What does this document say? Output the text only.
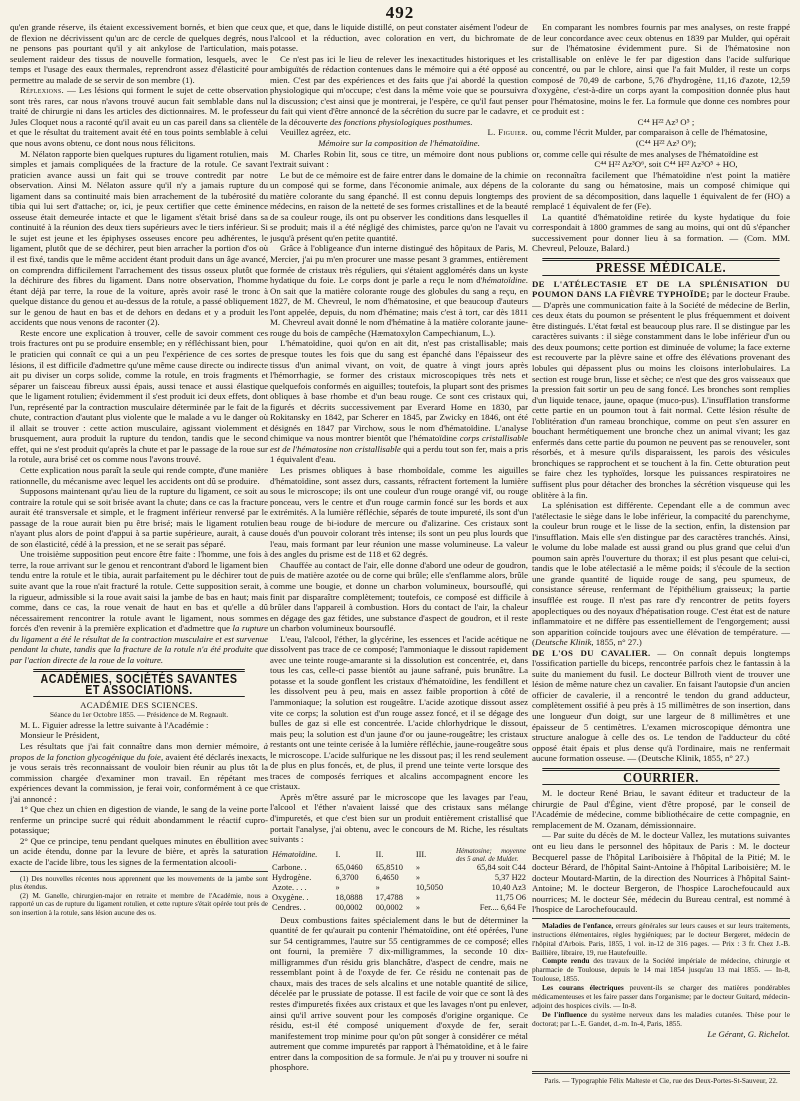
492

qu'en grande réserve, ils étaient excessivement bornés, et bien que ceux de flexion ne décrivissent qu'un arc de cercle de quelques degrés, nous ne pensons pas pourtant qu'il y ait ankylose de l'articulation, mais seulement raideur des tissus de nouvelle formation, lesquels, avec le temps et l'usage des eaux thermales, reprendront assez d'élasticité pour permettre au malade de se servir de son membre (1).

Réflexions. — Les lésions qui forment le sujet de cette observation sont très rares, car nous n'avons trouvé aucun fait semblable dans nul traité de chirurgie ni dans les articles des dictionnaires. M. le professeur Jules Cloquet nous a raconté qu'il avait eu un cas pareil dans sa clientèle et que le résultat du traitement avait été en tous points semblable à celui que nous avons obtenu, ce dont nous nous félicitons.

M. Nélaton rapporte bien quelques ruptures du ligament rotulien, mais simples et jamais compliquées de la fracture de la rotule. Ce savant praticien avance aussi un fait qui se trouve contredit par notre observation. Ainsi M. Nélaton assure qu'il n'y a jamais rupture du ligament dans sa continuité mais bien arrachement de la tubérosité du tibia qui lui sert d'attache; or, ici, je peux certifier que cette éminence osseuse était demeurée intacte et que le ligament s'était brisé dans sa continuité à la réunion des deux tiers supérieurs avec le tiers inférieur. Si le sujet est jeune et les épiphyses osseuses encore peu adhérentes, le ligament, plutôt que de se déchirer, peut bien arracher la portion d'os où il est fixé, tandis que le même accident étant produit dans un âge avancé, on comprendra difficilement l'arrachement des tissus osseux plutôt que la déchirure des fibres du ligament. Dans notre observation, l'homme étant déjà par terre, la roue de la voiture, après avoir rasé le tronc à quelque distance du genou et au-dessus de la rotule, a passé obliquement sur le genou de haut en bas et de dehors en dedans et y a produit les accidents que nous venons de raconter (2).

Reste encore une explication à trouver, celle de savoir comment ces trois fractures ont pu se produire ensemble; en y réfléchissant bien, pour le praticien qui connaît ce qui a un peu l'expérience de ces sortes de lésions, il est difficile d'admettre qu'une même cause directe ou indirecte ait pu diviser un corps solide, comme la rotule, en trois fragments et séparer un faisceau fibreux aussi épais, aussi tenace et aussi élastique que le ligament rotulien; évidemment il s'est produit ici deux effets, dont l'un, représenté par la contraction musculaire déterminée par le fait de la chute, contraction d'autant plus violente que le malade a vu le danger où il allait se trouver : cette action musculaire, agissant violemment et brusquement, aura produit la rupture du tendon, tandis que le second effet, qui ne s'est produit qu'après la chute et par le passage de la roue sur la rotule, aura brisé cet os comme nous l'avons trouvé.

Cette explication nous paraît la seule qui rende compte, d'une manière rationnelle, du mécanisme avec lequel les accidents ont dû se produire.

Supposons maintenant qu'au lieu de la rupture du ligament, ce soit au contraire la rotule qui se soit brisée avant la chute; dans ce cas la fracture aurait été transversale et simple, et le fragment inférieur renversé par le passage de la roue aurait bien pu être brisé; mais le ligament rotulien n'ayant plus alors de point d'appui à sa partie supérieure, aurait, à cause de son élasticité, cédé à la pression, et ne se serait pas séparé.

Une troisième supposition peut encore être faite : l'homme, une fois à terre, la roue arrivant sur le genou et rencontrant d'abord le ligament bien tendu entre la rotule et le tibia, aurait parfaitement pu le déchirer tout de suite avant que la roue n'ait fracturé la rotule. Cette supposition serait, à la rigueur, admissible si la roue avait saisi la jambe de bas en haut; mais comme, dans ce cas, la roue venait de haut en bas et qu'elle a dû nécessairement rencontrer la rotule avant le ligament, nous sommes forcés d'en revenir à la première explication et d'admettre que la rupture du ligament a été le résultat de la contraction musculaire et est survenue pendant la chute, tandis que la fracture de la rotule n'a été produite que par l'action directe de la roue de la voiture.

ACADÉMIES, SOCIÉTÉS SAVANTES ET ASSOCIATIONS.

ACADÉMIE DES SCIENCES.

Séance du 1er Octobre 1855. — Présidence de M. Regnault.

M. L. Figuier adresse la lettre suivante à l'Académie :

Monsieur le Président,

Les résultats que j'ai fait connaître dans mon dernier mémoire, à propos de la fonction glycogénique du foie, avaient été déclarés inexacts, je vous serais très reconnaissant de vouloir bien réunir au plus tôt la commission chargée d'examiner mon travail. En répétant mes expériences devant la commission, je ferai voir, conformément à ce que j'ai annoncé :

1° Que chez un chien en digestion de viande, le sang de la veine porte renferme un principe sucré qui réduit abondamment le réactif cupro-potassique;

2° Que ce principe, tenu pendant quelques minutes en ébullition avec un acide étendu, donne par la levure de bière, et après la saturation exacte de l'acide libre, tous les signes de la fermentation alcooli-

(1) Des nouvelles récentes nous apprennent que les mouvements de la jambe sont plus étendus.

(2) M. Ganelle, chirurgien-major en retraite et membre de l'Académie, nous a rapporté un cas de rupture du ligament rotulien, et cette rupture s'était opérée tout près de son insertion à la rotule, sans lésion aucune des os.

que, et que, dans le liquide distillé, on peut constater aisément l'odeur de l'alcool et la réduction, avec coloration en vert, du bichromate de potasse.

Ce n'est pas ici le lieu de relever les inexactitudes historiques et les ambiguïtés de rédaction contenues dans le mémoire qui a été opposé au mien. C'est par des expériences et des faits que j'ai abordé la question physiologique qui m'occupe; c'est dans la même voie que se poursuivra la discussion; c'est ainsi que je montrerai, je l'espère, ce qu'il faut penser du fait qui vient d'être annoncé de la sécrétion du sucre par le cadavre, et de la découverte des fonctions physiologiques posthumes.

Veuillez agréez, etc.	L. Figuier.

Mémoire sur la composition de l'hématoïdine.

M. Charles Robin lit, sous ce titre, un mémoire dont nous publions l'extrait suivant :

Le but de ce mémoire est de faire entrer dans le domaine de la chimie un composé qui se forme, dans l'économie animale, aux dépens de la matière colorante du sang épanché. Il est connu depuis longtemps des médecins, en raison de la netteté de ses formes cristallines et de la beauté de sa couleur rouge, ils ont pu observer les conditions dans lesquelles il se produit; mais il a été négligé des chimistes, parce qu'on ne l'avait vu jusqu'à présent qu'en petite quantité.

Grâce à l'obligeance d'un interne distingué des hôpitaux de Paris, M. Mercier, j'ai pu m'en procurer une masse pesant 3 grammes, entièrement formée de cristaux très réguliers, qui s'étaient agglomérés dans un kyste hydatique du foie. Le corps dont je parle a reçu le nom d'hématoïdine. On sait que la matière colorante rouge des globules du sang a reçu, en 1827, de M. Chevreul, le nom d'hématosine, et que beaucoup d'auteurs l'ont appelée, depuis, du nom d'hématine; mais c'est à tort, car dès 1811 M. Chevreul avait donné le nom d'hématine à la matière colorante jaune-rouge du bois de campêche (Hæmatoxylon Campechianum, L.).

L'hématoïdine, quoi qu'on en ait dit, n'est pas cristallisable; mais presque toutes les fois que du sang est épanché dans l'épaisseur des tissus d'un animal vivant, on voit, de quatre à vingt jours après l'hémorrhagie, se former des cristaux microscopiques très nets et quelquefois conformés en aiguilles; toutefois, la plupart sont des prismes obliques à base rhombe et d'un beau rouge. Ce sont ces cristaux qui, figurés et décrits successivement par Everard Home en 1830, par Rokitansky en 1842, par Scherer en 1845, par Zwicky en 1846, ont été désignés en 1847 par Virchow, sous le nom d'hématoïdine. L'analyse chimique va nous montrer bientôt que l'hématoïdine corps cristallisable est de l'hématosine non cristallisable qui a perdu tout son fer, mais a pris 1 équivalent d'eau.

Les prismes obliques à base rhomboïdale, comme les aiguilles d'hématoïdine, sont assez durs, cassants, réfractent fortement la lumière sous le microscope; ils ont une couleur d'un rouge orangé vif, ou rouge ponceau, vers le centre et d'un rouge carmin foncé sur les bords et aux extrémités. A la lumière réfléchie, séparés de toute impureté, ils sont d'un beau rouge de bi-iodure de mercure ou d'alizarine. Ces cristaux sont doués d'un pouvoir colorant très intense; ils sont un peu plus lourds que l'eau, mais formant par leur réunion une masse volumineuse. La valeur des angles du prisme est de 118 et 62 degrés.

Chauffée au contact de l'air, elle donne d'abord une odeur de goudron, puis de matière azotée ou de corne qui brûle; elle s'enflamme alors, brûle comme une bougie, et donne un charbon volumineux, boursouflé, qui finit par disparaître complètement; toutefois, ce composé est difficile à brûler dans l'appareil à combustion. Hors du contact de l'air, la chaleur en dégage des gaz fétides, une substance d'aspect de goudron, et il reste un charbon volumineux boursouflé.

L'eau, l'alcool, l'éther, la glycérine, les essences et l'acide acétique ne dissolvent pas trace de ce composé; l'ammoniaque le dissout rapidement avec une teinte rouge-amarante si la dissolution est concentrée, et, dans tous les cas, celle-ci passe bientôt au jaune safrané, puis brunâtre. La potasse et la soude gonflent les cristaux d'hématoïdine, les fendillent et les dissolvent peu à peu, mais en assez faible proportion à côté de l'ammoniaque; la solution est rougeâtre. L'acide azotique dissout assez vite ce corps; la solution est d'un rouge assez foncé, et il se dégage des bulles de gaz si elle est concentrée. L'acide chlorhydrique le dissout, mais peu; la solution est d'un jaune d'or ou jaune-rougeâtre; les cristaux restants ont une teinte cerisée à la lumière réfléchie, jaune-rougeâtre sous le microscope. L'acide sulfurique ne les dissout pas; il les rend seulement de plus en plus foncés, et, de plus, il prend une teinte verte lorsque des traces de composés ferriques et alcalins accompagnent encore les cristaux.

Après m'être assuré par le microscope que les lavages par l'eau, l'alcool et l'éther n'avaient laissé que des cristaux sans mélange d'impuretés, et que c'est bien sur un produit entièrement cristallisé que portait l'analyse, j'ai obtenu, avec le concours de M. Riche, les résultats suivants :

Hématoïdine.	I.	II.	III.	Hématosine; moyenne des 5 anal. de Mulder.
Carbone. .	65,0460	65,8510	»	65,84 soit C44
Hydrogène.	6,3700	6,4650	»	5,37 H22
Azote. . . .	»	»	10,5050	10,40 Az3
Oxygène. .	18,0888	17,4788	»	11,75 O6
Cendres. .	00,0002	00,0002	»	Fer.... 6,64 Fe

Deux combustions faites spécialement dans le but de déterminer la quantité de fer qu'aurait pu contenir l'hématoïdine, ont été opérées, l'une sur 54 centigrammes, l'autre sur 55 centigrammes de ce composé; elles ont fourni, la première 7 dix-milligrammes, la seconde 10 dix-milligrammes d'un résidu gris blanchâtre, d'aspect de cendre, mais ne ressemblant point à de l'oxyde de fer. Ce résidu ne contenait pas de chaux, mais des traces de sels alcalins et une notable quantité de silice, décelée par le prussiate de potasse. Il est facile de voir que ce sont là des restes d'impuretés fixées aux cristaux et que les lavages n'ont pu enlever, ainsi qu'il arrive souvent pour les composés d'origine organique. Ce résidu, est-il été composé uniquement d'oxyde de fer, serait manifestement trop minime pour qu'on pût songer à considérer ce métal autrement que comme impuretés par rapport à l'hématoïdine, et à le faire entrer dans la composition de sa formule. Je n'ai pu y trouver ni soufre ni phosphore.

En comparant les nombres fournis par mes analyses, on reste frappé de leur concordance avec ceux obtenus en 1839 par Mulder, qui opérait sur de l'hématosine évidemment pure. Si de l'hématosine non cristallisable on enlève le fer par digestion dans l'acide sulfurique concentré, ou par le chlore, ainsi que l'a fait Mulder, il reste un corps composé de 70,49 de carbone, 5,76 d'hydrogène, 11,16 d'azote, 12,59 d'oxygène, c'est-à-dire un corps ayant la composition donnée plus haut pour l'hématosine, moins le fer. La formule que donne ces nombres pour ce produit est :

C⁴⁴ H²² Az³ O⁵ ;

ou, comme l'écrit Mulder, par comparaison à celle de l'hématosine,

(C⁴⁴ H²² Az³ O⁶);

or, comme celle qui résulte de mes analyses de l'hématoïdine est

C⁴⁴ H²² Az³O⁶, soit C⁴⁴ H²² Az³O⁵ + HO,

on reconnaîtra facilement que l'hématoïdine n'est point la matière colorante du sang ou hématosine, mais un composé chimique qui provient de sa décomposition, dans laquelle 1 équivalent de fer (HO) a remplacé 1 équivalent de fer (Fe).

La quantité d'hématoïdine retirée du kyste hydatique du foie correspondait à 1800 grammes de sang au moins, qui ont dû s'épancher successivement pour donner lieu à sa formation. — (Com. MM. Chevreul, Pelouze, Balard.)

PRESSE MÉDICALE.

DE L'ATÉLECTASIE ET DE LA SPLÉNISATION DU POUMON DANS LA FIÈVRE TYPHOÏDE; par le docteur Fraube. — D'après une communication faite à la Société de médecine de Berlin, ces deux états du poumon se présentent le plus fréquemment et doivent être distingués. L'état fœtal est beaucoup plus rare. Il se distingue par les caractères suivants : il siège constamment dans le lobe inférieur d'un ou des deux poumons; cette portion est diminuée de volume; la face externe est recouverte par la plèvre saine et offre des élévations provenant des lobules qui dépassent plus ou moins les cloisons interlobulaires. La section est rouge brun, lisse et sèche; ce n'est que des gros vaisseaux que la pression fait sortir un peu de sang foncé. Les bronches sont remplies d'un liquide tenace, jaune, opaque (muco-pus). L'insufflation transforme cette partie en un poumon tout à fait normal. Cette lésion résulte de l'oblitération d'un rameau bronchique, comme on peut s'en assurer en bouchant hermétiquement une bronche chez un animal vivant; les gaz enfermés dans cette partie du poumon ne peuvent pas se renouveler, sont résorbés, et à mesure qu'ils disparaissent, les parois des vésicules bronchiques se rapprochent et se touchent à la fin. Cette obturation peut se faire chez les typhoïdes, lorsque les puissances respiratoires ne suffisent plus pour détacher des bronches la sécrétion visqueuse qui les oblitère à la fin.

La splénisation est différente. Cependant elle a de commun avec l'atélectasie le siège dans le lobe inférieur, la compacité du parenchyme, la couleur brun rouge et le lisse de la section, enfin, la distension par l'insufflation. Mais elle s'en distingue par des caractères tranchés. Ainsi, le volume du lobe malade est aussi grand ou plus grand que celui d'un poumon sain après l'ouverture du thorax; il est plus pesant que celui-ci, tandis que le lobe atélectasié a le même poids; il s'écoule de la section une grande quantité de liquide rouge de sang, peu spumeux, de consistance séreuse, renfermant de l'épithélium graisseux; la partie insufflée est rouge. Il n'est pas rare d'y rencontrer de petits foyers apoplectiques ou des noyaux d'hépatisation rouge. C'est état est de nature inflammatoire et ne diffère pas essentiellement de l'engorgement; aussi son apparition coïncide toujours avec une élévation de température. — (Deutsche Klinik, 1855, n° 27.)

DE L'OS DU CAVALIER. — On connaît depuis longtemps l'ossification partielle du biceps, rencontrée parfois chez le fantassin à la suite du maniement du fusil. Le docteur Billroth vient de trouver une lésion de même nature chez un cavalier. En faisant l'autopsie d'un ancien officier de cavalerie, il a rencontré le tendon du grand adducteur, complètement ossifié à peu près à 15 millimètres de son insertion, dans une longueur d'un doigt, sur une largeur de 8 millimètres et une épaisseur de 5 centimètres. L'examen microscopique démontra une structure analogue à celle des os. Le tendon de l'adducteur du côté opposé était épais et plus dense qu'à l'ordinaire, mais ne renfermait aucune formation osseuse. — (Deutsche Klinik, 1855, n° 27.)

COURRIER.

M. le docteur René Briau, le savant éditeur et traducteur de la chirurgie de Paul d'Égine, vient d'être proposé, par le conseil de l'Académie de médecine, comme bibliothécaire de cette compagnie, en remplacement de M. Ozanam, démissionnaire.

— Par suite du décès de M. le docteur Vallez, les mutations suivantes ont eu lieu dans le personnel des hôpitaux de Paris : M. le docteur Becquerel passe de l'hôpital Lariboisière à l'hôpital de la Pitié; M. le docteur Bérard, de l'hôpital Saint-Antoine à l'hôpital Lariboisière; M. le docteur Moutard-Martin, de la direction des Nourrices à l'hôpital Saint-Antoine; M. le docteur Bergeron, de l'hospice Larochefoucauld aux nourrices; M. le docteur Sée, médecin du Bureau central, est nommé à l'hospice de Larochefoucauld.

Maladies de l'enfance, erreurs générales sur leurs causes et sur leurs traitements, instructions élémentaires, règles hygiéniques; par le docteur Bergeret, médecin de l'hôpital d'Arbois. Paris, 1855, 1 vol. in-12 de 316 pages. — Prix : 3 fr. Chez J.-B. Baillière, libraire, 19, rue Hautefeuille.

Compte rendu des travaux de la Société impériale de médecine, chirurgie et pharmacie de Toulouse, depuis le 14 mai 1854 jusqu'au 13 mai 1855. — In-8, Toulouse, 1855.

Les courans électriques peuvent-ils se charger des matières pondérables médicamenteuses et les faire passer dans l'organisme; par le docteur Guitard, médecin-adjoint des hospices civils. — In-8.

De l'influence du système nerveux dans les maladies cutanées. Thèse pour le doctorat; par L.-E. Gandet, d.-m. In-4, Paris, 1855.

Le Gérant, G. Richelot.

Paris. — Typographie Félix Malteste et Cie, rue des Deux-Portes-St-Sauveur, 22.
